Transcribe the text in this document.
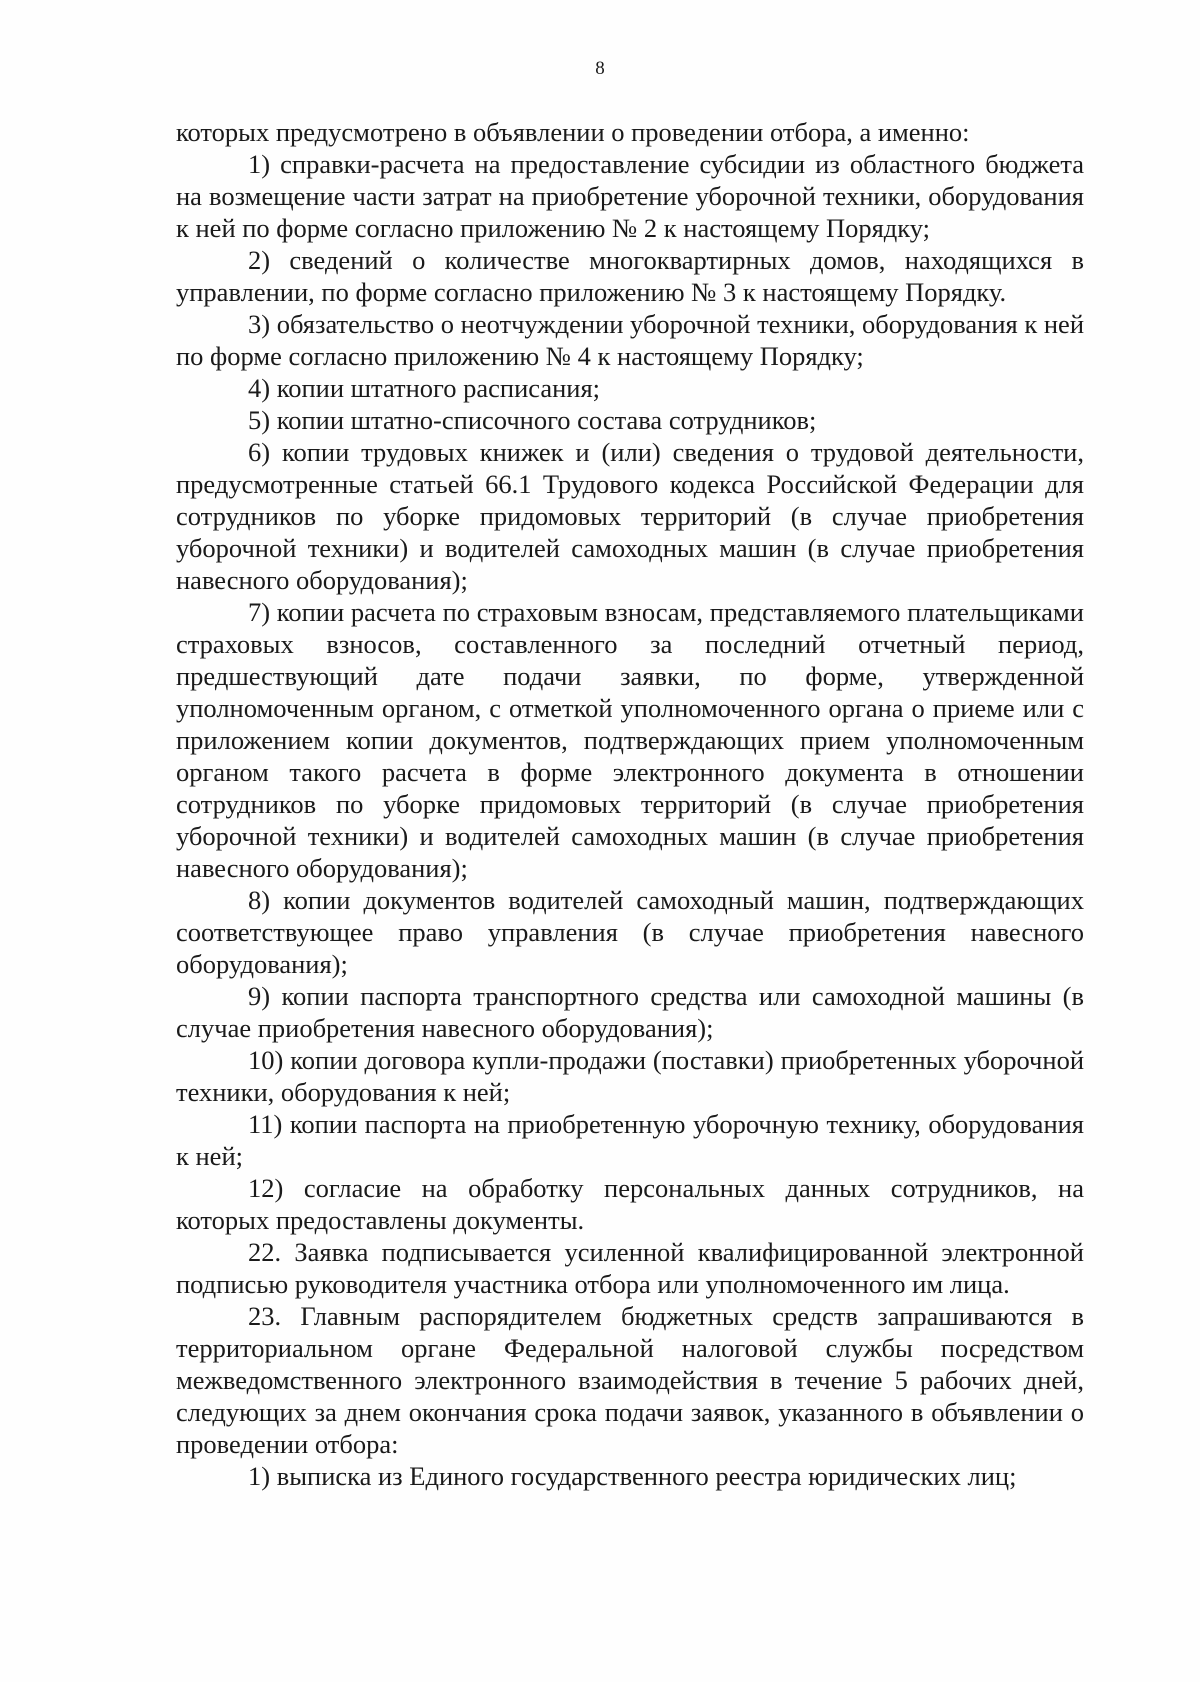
8

которых предусмотрено в объявлении о проведении отбора, а именно:

1) справки-расчета на предоставление субсидии из областного бюджета на возмещение части затрат на приобретение уборочной техники, оборудования к ней по форме согласно приложению № 2 к настоящему Порядку;

2) сведений о количестве многоквартирных домов, находящихся в управлении, по форме согласно приложению № 3 к настоящему Порядку.

3) обязательство о неотчуждении уборочной техники, оборудования к ней по форме согласно приложению № 4 к настоящему Порядку;

4) копии штатного расписания;

5) копии штатно-списочного состава сотрудников;

6) копии трудовых книжек и (или) сведения о трудовой деятельности, предусмотренные статьей 66.1 Трудового кодекса Российской Федерации для сотрудников по уборке придомовых территорий (в случае приобретения уборочной техники) и водителей самоходных машин (в случае приобретения навесного оборудования);

7) копии расчета по страховым взносам, представляемого плательщиками страховых взносов, составленного за последний отчетный период, предшествующий дате подачи заявки, по форме, утвержденной уполномоченным органом, с отметкой уполномоченного органа о приеме или с приложением копии документов, подтверждающих прием уполномоченным органом такого расчета в форме электронного документа в отношении сотрудников по уборке придомовых территорий (в случае приобретения уборочной техники) и водителей самоходных машин (в случае приобретения навесного оборудования);

8) копии документов водителей самоходный машин, подтверждающих соответствующее право управления (в случае приобретения навесного оборудования);

9) копии паспорта транспортного средства или самоходной машины (в случае приобретения навесного оборудования);

10) копии договора купли-продажи (поставки) приобретенных уборочной техники, оборудования к ней;

11) копии паспорта на приобретенную уборочную технику, оборудования к ней;

12) согласие на обработку персональных данных сотрудников, на которых предоставлены документы.

22. Заявка подписывается усиленной квалифицированной электронной подписью руководителя участника отбора или уполномоченного им лица.

23. Главным распорядителем бюджетных средств запрашиваются в территориальном органе Федеральной налоговой службы посредством межведомственного электронного взаимодействия в течение 5 рабочих дней, следующих за днем окончания срока подачи заявок, указанного в объявлении о проведении отбора:

1) выписка из Единого государственного реестра юридических лиц;
